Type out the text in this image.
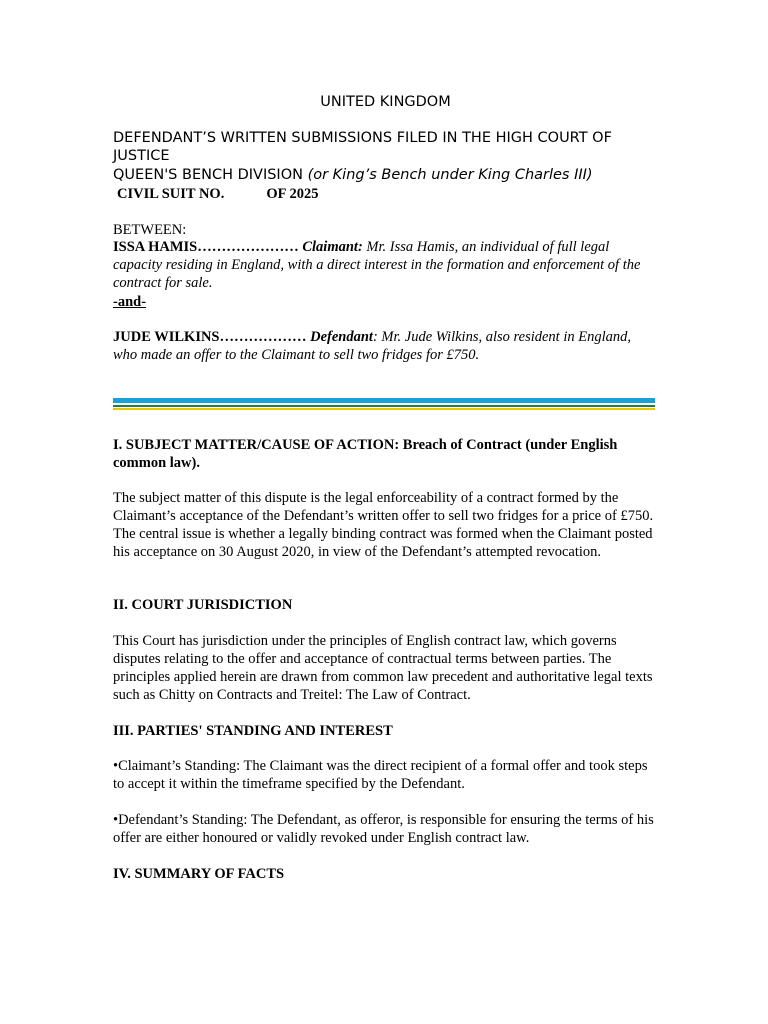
UNITED KINGDOM

DEFENDANT’S WRITTEN SUBMISSIONS FILED IN THE HIGH COURT OF JUSTICE

QUEEN'S BENCH DIVISION (or King’s Bench under King Charles III)

CIVIL SUIT NO.	OF 2025

BETWEEN:

ISSA HAMIS………………… Claimant: Mr. Issa Hamis, an individual of full legal capacity residing in England, with a direct interest in the formation and enforcement of the contract for sale.

-and-

JUDE WILKINS……………… Defendant: Mr. Jude Wilkins, also resident in England, who made an offer to the Claimant to sell two fridges for £750.

I. SUBJECT MATTER/CAUSE OF ACTION: Breach of Contract (under English common law).

The subject matter of this dispute is the legal enforceability of a contract formed by the Claimant’s acceptance of the Defendant’s written offer to sell two fridges for a price of £750. The central issue is whether a legally binding contract was formed when the Claimant posted his acceptance on 30 August 2020, in view of the Defendant’s attempted revocation.

II. COURT JURISDICTION

This Court has jurisdiction under the principles of English contract law, which governs disputes relating to the offer and acceptance of contractual terms between parties. The principles applied herein are drawn from common law precedent and authoritative legal texts such as Chitty on Contracts and Treitel: The Law of Contract.

III. PARTIES' STANDING AND INTEREST

•Claimant’s Standing: The Claimant was the direct recipient of a formal offer and took steps to accept it within the timeframe specified by the Defendant.

•Defendant’s Standing: The Defendant, as offeror, is responsible for ensuring the terms of his offer are either honoured or validly revoked under English contract law.

IV. SUMMARY OF FACTS
